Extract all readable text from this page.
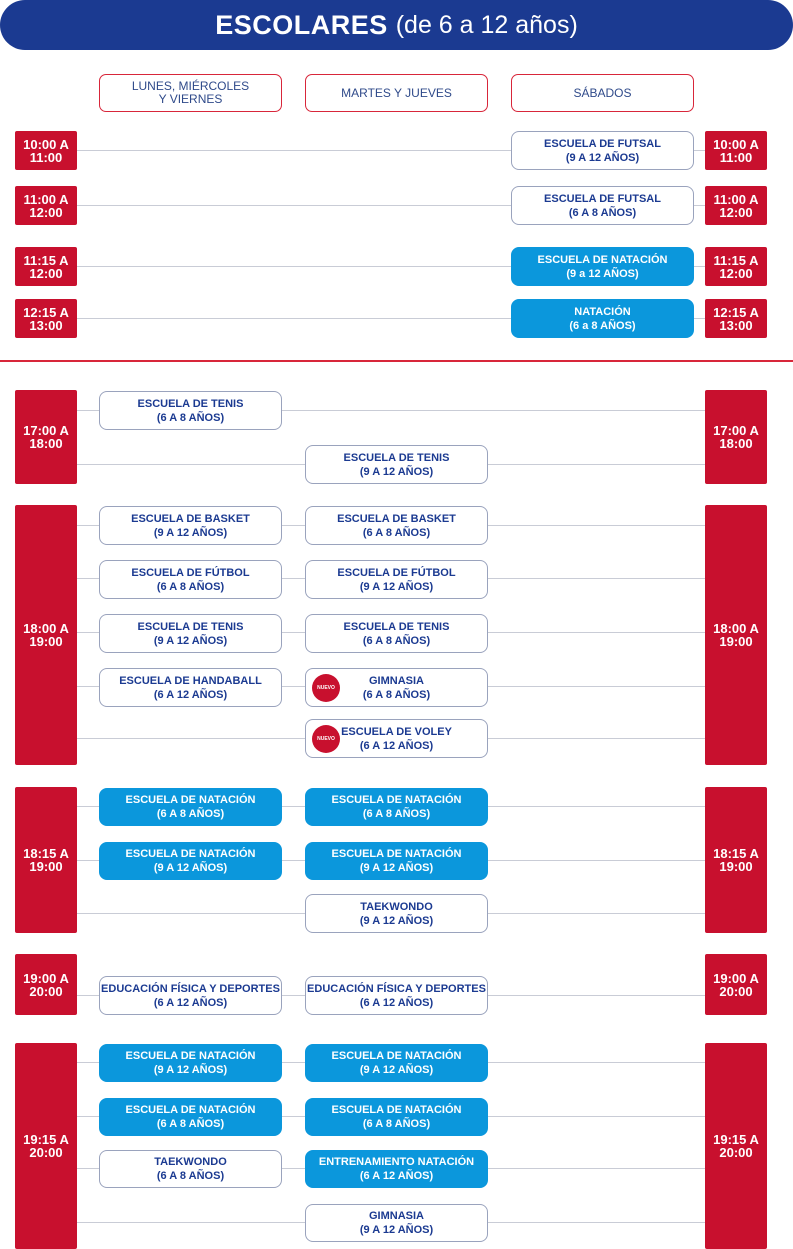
ESCOLARES (de 6 a 12 años)
LUNES, MIÉRCOLES
Y VIERNES	MARTES Y JUEVES	SÁBADOS
10:00 A
11:00
10:00 A
11:00
11:00 A
12:00
11:00 A
12:00
11:15 A
12:00
11:15 A
12:00
12:15 A
13:00
12:15 A
13:00
17:00 A
18:00
17:00 A
18:00
18:00 A
19:00
18:00 A
19:00
18:15 A
19:00
18:15 A
19:00
19:00 A
20:00
19:00 A
20:00
19:15 A
20:00
19:15 A
20:00
ESCUELA DE FUTSAL
(9 A 12 AÑOS)
ESCUELA DE FUTSAL
(6 A 8 AÑOS)
ESCUELA DE NATACIÓN
(9 a 12 AÑOS)
NATACIÓN
(6 a 8 AÑOS)
ESCUELA DE TENIS
(6 A 8 AÑOS)
ESCUELA DE TENIS
(9 A 12 AÑOS)
ESCUELA DE BASKET
(9 A 12 AÑOS)
ESCUELA DE BASKET
(6 A 8 AÑOS)
ESCUELA DE FÚTBOL
(6 A 8 AÑOS)
ESCUELA DE FÚTBOL
(9 A 12 AÑOS)
ESCUELA DE TENIS
(9 A 12 AÑOS)
ESCUELA DE TENIS
(6 A 8 AÑOS)
ESCUELA DE HANDABALL
(6 A 12 AÑOS)
NUEVO
GIMNASIA
(6 A 8 AÑOS)
NUEVO
ESCUELA DE VOLEY
(6 A 12 AÑOS)
ESCUELA DE NATACIÓN
(6 A 8 AÑOS)
ESCUELA DE NATACIÓN
(6 A 8 AÑOS)
ESCUELA DE NATACIÓN
(9 A 12 AÑOS)
ESCUELA DE NATACIÓN
(9 A 12 AÑOS)
TAEKWONDO
(9 A 12 AÑOS)
EDUCACIÓN FÍSICA Y DEPORTES
(6 A 12 AÑOS)
EDUCACIÓN FÍSICA Y DEPORTES
(6 A 12 AÑOS)
ESCUELA DE NATACIÓN
(9 A 12 AÑOS)
ESCUELA DE NATACIÓN
(9 A 12 AÑOS)
ESCUELA DE NATACIÓN
(6 A 8 AÑOS)
ESCUELA DE NATACIÓN
(6 A 8 AÑOS)
TAEKWONDO
(6 A 8 AÑOS)
ENTRENAMIENTO NATACIÓN
(6 A 12 AÑOS)
GIMNASIA
(9 A 12 AÑOS)
